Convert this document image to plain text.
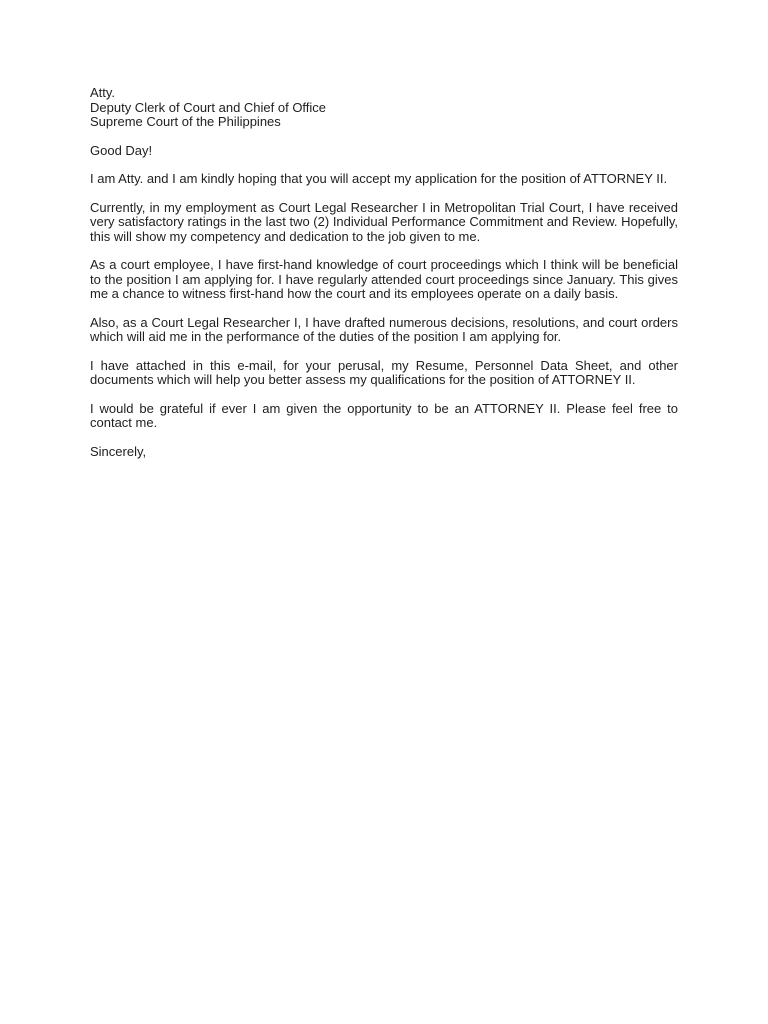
Atty.
Deputy Clerk of Court and Chief of Office
Supreme Court of the Philippines

Good Day!

I am Atty. and I am kindly hoping that you will accept my application for the position of ATTORNEY II.

Currently, in my employment as Court Legal Researcher I in Metropolitan Trial Court, I have received very satisfactory ratings in the last two (2) Individual Performance Commitment and Review. Hopefully, this will show my competency and dedication to the job given to me.

As a court employee, I have first-hand knowledge of court proceedings which I think will be beneficial to the position I am applying for. I have regularly attended court proceedings since January. This gives me a chance to witness first-hand how the court and its employees operate on a daily basis.

Also, as a Court Legal Researcher I, I have drafted numerous decisions, resolutions, and court orders which will aid me in the performance of the duties of the position I am applying for.

I have attached in this e-mail, for your perusal, my Resume, Personnel Data Sheet, and other documents which will help you better assess my qualifications for the position of ATTORNEY II.

I would be grateful if ever I am given the opportunity to be an ATTORNEY II. Please feel free to contact me.

Sincerely,
